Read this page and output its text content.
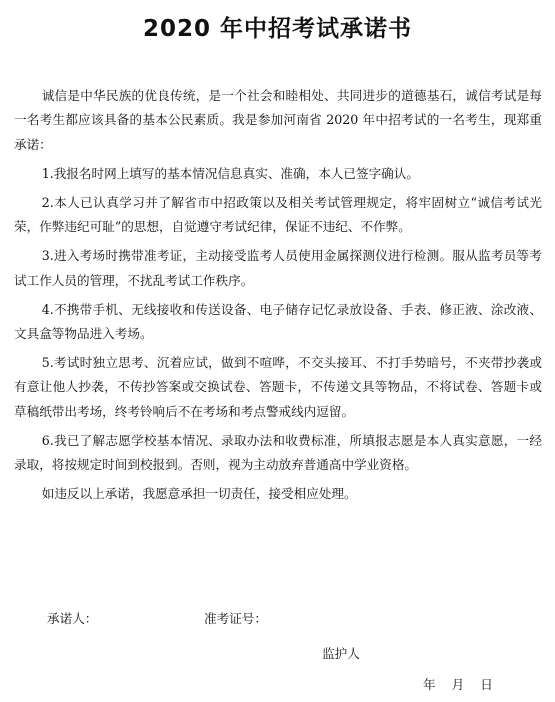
2020 年中招考试承诺书

诚信是中华民族的优良传统，是一个社会和睦相处、共同进步的道德基石，诚信考试是每一名考生都应该具备的基本公民素质。我是参加河南省 2020 年中招考试的一名考生，现郑重承诺：

1.我报名时网上填写的基本情况信息真实、准确，本人已签字确认。

2.本人已认真学习并了解省市中招政策以及相关考试管理规定，将牢固树立“诚信考试光荣，作弊违纪可耻”的思想，自觉遵守考试纪律，保证不违纪、不作弊。

3.进入考场时携带准考证，主动接受监考人员使用金属探测仪进行检测。服从监考员等考试工作人员的管理，不扰乱考试工作秩序。

4.不携带手机、无线接收和传送设备、电子储存记忆录放设备、手表、修正液、涂改液、文具盒等物品进入考场。

5.考试时独立思考、沉着应试，做到不喧哗，不交头接耳、不打手势暗号，不夹带抄袭或有意让他人抄袭，不传抄答案或交换试卷、答题卡，不传递文具等物品，不将试卷、答题卡或草稿纸带出考场，终考铃响后不在考场和考点警戒线内逗留。

6.我已了解志愿学校基本情况、录取办法和收费标准，所填报志愿是本人真实意愿，一经录取，将按规定时间到校报到。否则，视为主动放弃普通高中学业资格。

如违反以上承诺，我愿意承担一切责任，接受相应处理。

承诺人：	准考证号：
监护人
年 月 日
